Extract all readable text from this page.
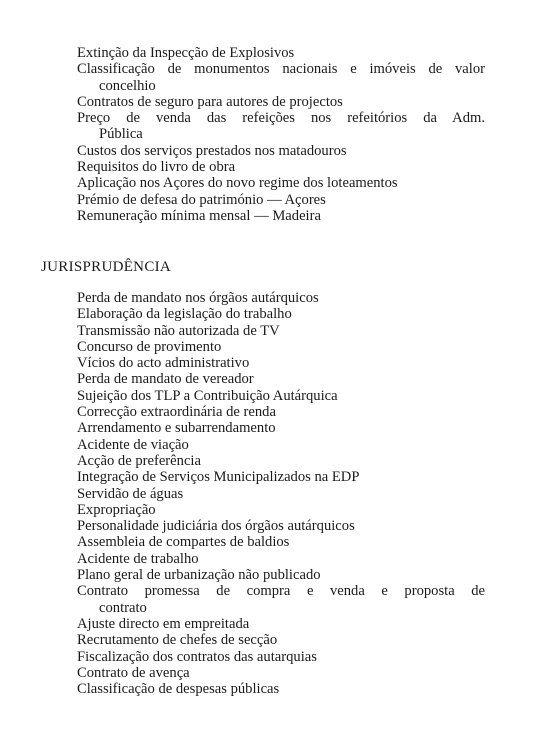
Extinção da Inspecção de Explosivos
Classificação de monumentos nacionais e imóveis de valor
concelhio
Contratos de seguro para autores de projectos
Preço de venda das refeições nos refeitórios da Adm.
Pública
Custos dos serviços prestados nos matadouros
Requisitos do livro de obra
Aplicação nos Açores do novo regime dos loteamentos
Prémio de defesa do património — Açores
Remuneração mínima mensal — Madeira
JURISPRUDÊNCIA
Perda de mandato nos órgãos autárquicos
Elaboração da legislação do trabalho
Transmissão não autorizada de TV
Concurso de provimento
Vícios do acto administrativo
Perda de mandato de vereador
Sujeição dos TLP a Contribuição Autárquica
Correcção extraordinária de renda
Arrendamento e subarrendamento
Acidente de viação
Acção de preferência
Integração de Serviços Municipalizados na EDP
Servidão de águas
Expropriação
Personalidade judiciária dos órgãos autárquicos
Assembleia de compartes de baldios
Acidente de trabalho
Plano geral de urbanização não publicado
Contrato promessa de compra e venda e proposta de
contrato
Ajuste directo em empreitada
Recrutamento de chefes de secção
Fiscalização dos contratos das autarquias
Contrato de avença
Classificação de despesas públicas
